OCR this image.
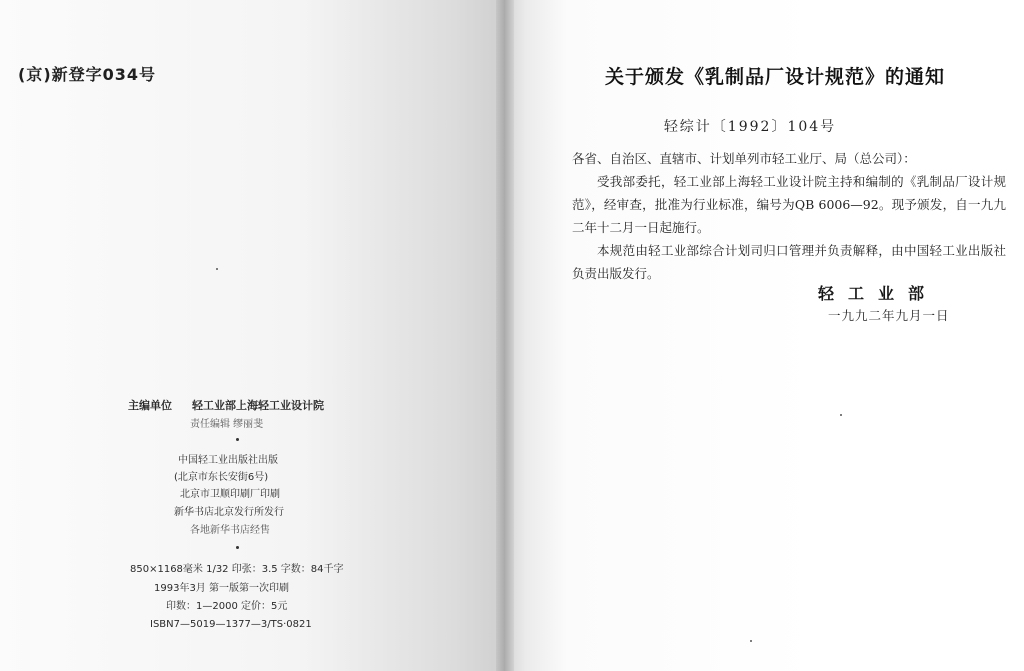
(京)新登字034号
主编单位 轻工业部上海轻工业设计院
责任编辑 缪丽斐
中国轻工业出版社出版
(北京市东长安街6号)
北京市卫顺印刷厂印刷
新华书店北京发行所发行
各地新华书店经售
850×1168毫米 1/32 印张：3.5 字数：84千字
1993年3月 第一版第一次印刷
印数：1—2000 定价：5元
ISBN7—5019—1377—3/TS·0821
关于颁发《乳制品厂设计规范》的通知
轻综计〔1992〕104号

各省、自治区、直辖市、计划单列市轻工业厅、局（总公司）：

受我部委托，轻工业部上海轻工业设计院主持和编制的《乳制品厂设计规范》，经审查，批准为行业标准，编号为QB 6006—92。现予颁发，自一九九二年十二月一日起施行。

本规范由轻工业部综合计划司归口管理并负责解释，由中国轻工业出版社负责出版发行。

轻工业部
一九九二年九月一日
